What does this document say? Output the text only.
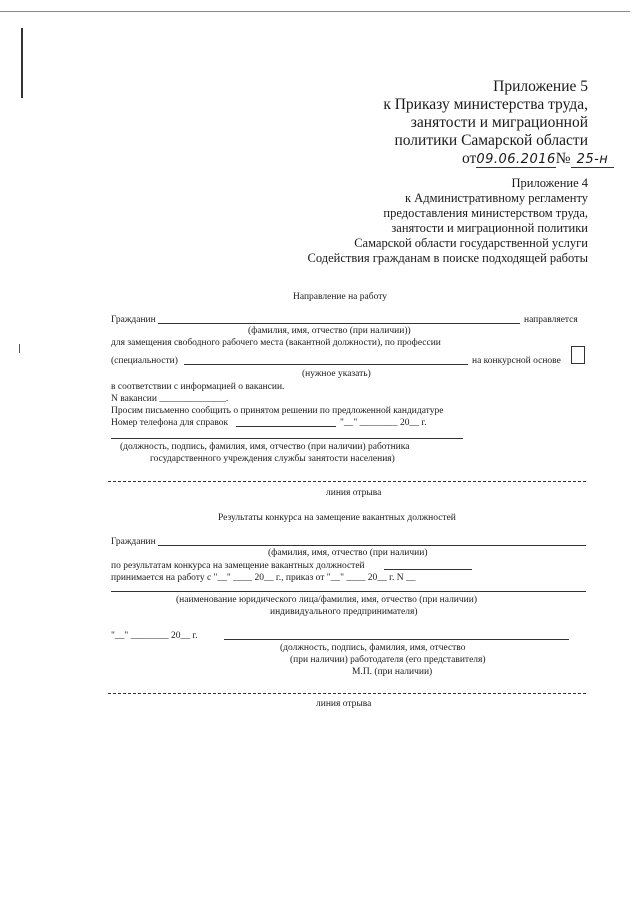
Приложение 5
к Приказу министерства труда,
занятости и миграционной
политики Самарской области
от09.06.2016№ 25-н
Приложение 4
к Административному регламенту
предоставления министерством труда,
занятости и миграционной политики
Самарской области государственной услуги
Содействия гражданам в поиске подходящей работы
Направление на работу
Гражданин	направляется
(фамилия, имя, отчество (при наличии))
для замещения свободного рабочего места (вакантной должности), по профессии
(специальности)	на конкурсной основе
(нужное указать)
в соответствии с информацией о вакансии.
N вакансии ______________.
Просим письменно сообщить о принятом решении по предложенной кандидатуре
Номер телефона для справок	"__" ________ 20__ г.
(должность, подпись, фамилия, имя, отчество (при наличии) работника
государственного учреждения службы занятости населения)
линия отрыва
Результаты конкурса на замещение вакантных должностей
Гражданин
(фамилия, имя, отчество (при наличии)
по результатам конкурса на замещение вакантных должностей
принимается на работу с "__" ____ 20__ г., приказ от "__" ____ 20__ г. N __
(наименование юридического лица/фамилия, имя, отчество (при наличии)
индивидуального предпринимателя)
"__" ________ 20__ г.
(должность, подпись, фамилия, имя, отчество
(при наличии) работодателя (его представителя)
М.П. (при наличии)
линия отрыва
